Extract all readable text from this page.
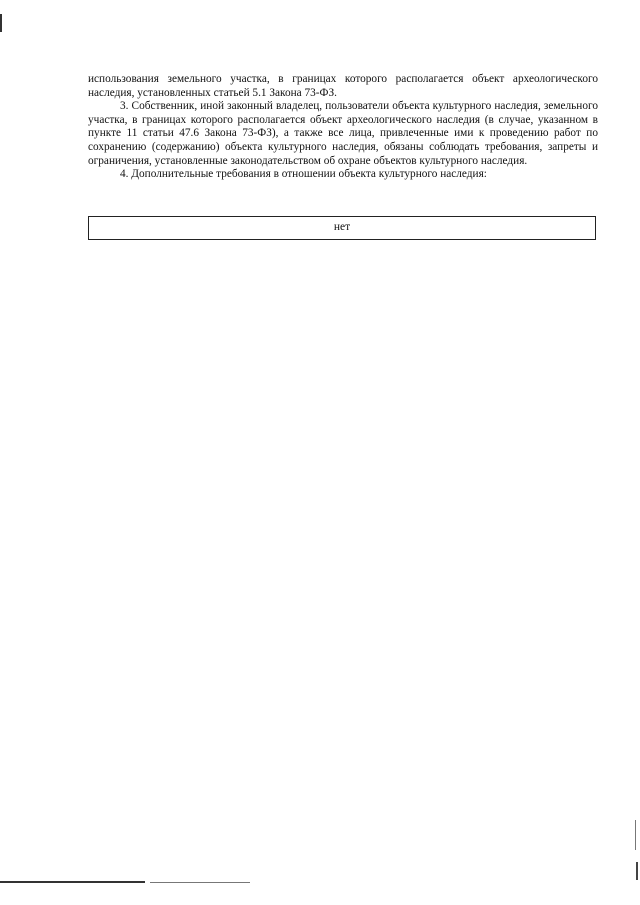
использования земельного участка, в границах которого располагается объект археологического наследия, установленных статьей 5.1 Закона 73-ФЗ.

3. Собственник, иной законный владелец, пользователи объекта культурного наследия, земельного участка, в границах которого располагается объект археологического наследия (в случае, указанном в пункте 11 статьи 47.6 Закона 73-ФЗ), а также все лица, привлеченные ими к проведению работ по сохранению (содержанию) объекта культурного наследия, обязаны соблюдать требования, запреты и ограничения, установленные законодательством об охране объектов культурного наследия.

4. Дополнительные требования в отношении объекта культурного наследия:

нет
